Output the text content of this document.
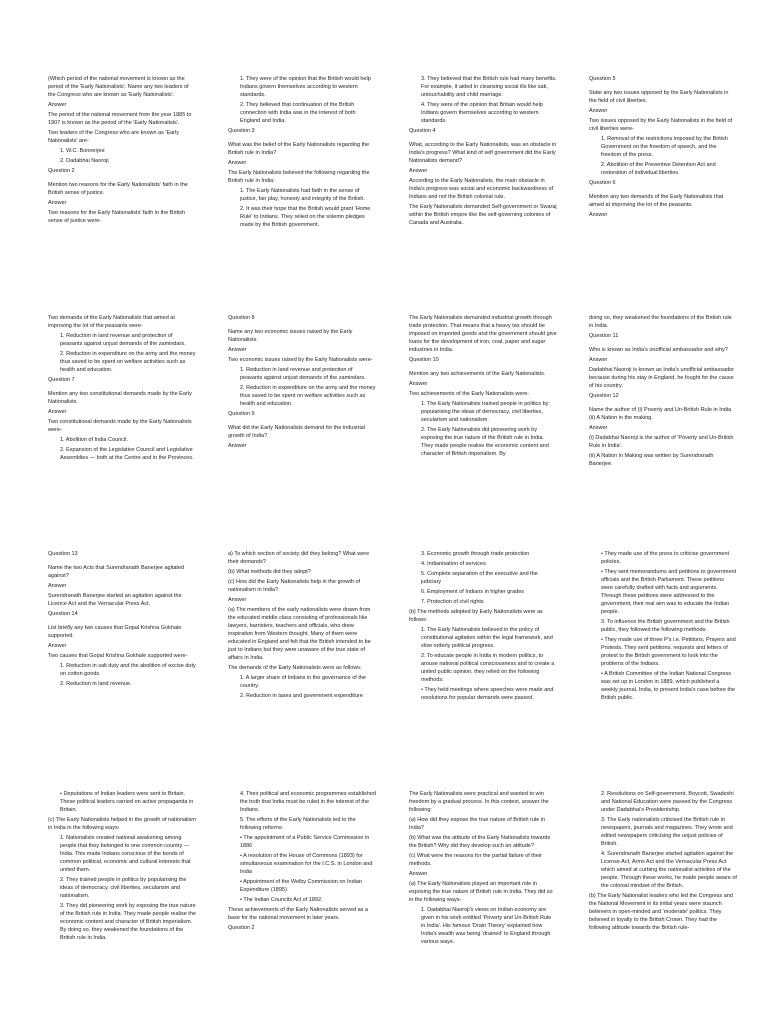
(Which period of the national movement is known as the period of the 'Early Nationalists'. Name any two leaders of the Congress who are known as 'Early Nationalists'.
Answer
The period of the national movement from the year 1885 to 1907 is known as the period of the 'Early Nationalists'.
Two leaders of the Congress who are known as 'Early Nationalists' are-
1. W.C. Bonnerjee
2. Dadabhai Naoroji
Question 2
Mention two reasons for the Early Nationalists' faith in the British sense of justice.
Answer
Two reasons for the Early Nationalists' faith in the British sense of justice were-
1. They were of the opinion that the British would help Indians govern themselves according to western standards.
2. They believed that continuation of the British connection with India was in the interest of both England and India.
Question 3
What was the belief of the Early Nationalists regarding the British rule in India?
Answer
The Early Nationalists believed the following regarding the British rule in India:
1. The Early Nationalists had faith in the sense of justice, fair play, honesty and integrity of the British.
2. It was their hope that the British would grant 'Home Rule' to Indians. They relied on the solemn pledges made by the British government.
3. They believed that the British rule had many benefits. For example, it aided in cleansing social ills like sati, untouchability and child marriage.
4. They were of the opinion that Britain would help Indians govern themselves according to western standards.
Question 4
What, according to the Early Nationalists, was an obstacle in India's progress? What kind of self government did the Early Nationalists demand?
Answer
According to the Early Nationalists, the main obstacle in India's progress was social and economic backwardness of Indians and not the British colonial rule.
The Early Nationalists demanded Self-government or Swaraj within the British empire like the self-governing colonies of Canada and Australia.
Question 5
State any two issues opposed by the Early Nationalists in the field of civil liberties.
Answer
Two issues opposed by the Early Nationalists in the field of civil liberties were-
1. Removal of the restrictions imposed by the British Government on the freedom of speech, and the freedom of the press.
2. Abolition of the Preventive Detention Act and restoration of individual liberties.
Question 6
Mention any two demands of the Early Nationalists that aimed at improving the lot of the peasants.
Answer
Two demands of the Early Nationalists that aimed at improving the lot of the peasants were-
1. Reduction in land revenue and protection of peasants against unjust demands of the zamindars.
2. Reduction in expenditure on the army and the money thus saved to be spent on welfare activities such as health and education.
Question 7
Mention any two constitutional demands made by the Early Nationalists.
Answer
Two constitutional demands made by the Early Nationalists were-
1. Abolition of India Council.
2. Expansion of the Legislative Council and Legislative Assemblies — both at the Centre and in the Provinces.
Question 8
Name any two economic issues raised by the Early Nationalists.
Answer
Two economic issues raised by the Early Nationalists were-
1. Reduction in land revenue and protection of peasants against unjust demands of the zamindars.
2. Reduction in expenditure on the army and the money thus saved to be spent on welfare activities such as health and education.
Question 9
What did the Early Nationalists demand for the industrial growth of India?
Answer
The Early Nationalists demanded industrial growth through trade protection. That means that a heavy tax should be imposed on imported goods and the government should give loans for the development of iron, coal, paper and sugar industries in India.
Question 10
Mention any two achievements of the Early Nationalists.
Answer
Two achievements of the Early Nationalists were-
1. The Early Nationalists trained people in politics by popularising the ideas of democracy, civil liberties, secularism and nationalism.
2. The Early Nationalists did pioneering work by exposing the true nature of the British rule in India. They made people realise the economic content and character of British imperialism. By
doing so, they weakened the foundations of the British rule in India.
Question 11
Who is known as India's unofficial ambassador and why?
Answer
Dadabhai Naoroji is known as India's unofficial ambassador because during his stay in England, he fought for the cause of his country.
Question 12
Name the author of (i) Poverty and Un-British Rule in India (ii) A Nation in the making.
Answer
(i) Dadabhai Naoroji is the author of 'Poverty and Un-British Rule in India'.
(ii) A Nation in Making was written by Surendranath Banerjee.
Question 13
Name the two Acts that Surendranath Banerjee agitated against?
Answer
Surendranath Banerjee started an agitation against the Licence Act and the Vernacular Press Act.
Question 14
List briefly any two causes that Gopal Krishna Gokhale supported.
Answer
Two causes that Gopal Krishna Gokhale supported were-
1. Reduction in salt duty and the abolition of excise duty on cotton goods.
2. Reduction in land revenue.
a) To which section of society did they belong? What were their demands?
(b) What methods did they adopt?
(c) How did the Early Nationalists help in the growth of nationalism in India?
Answer
(a) The members of the early nationalists were drawn from the educated middle class consisting of professionals like lawyers, barristers, teachers and officials, who drew inspiration from Western thought. Many of them were educated in England and felt that the British intended to be just to Indians but they were unaware of the true state of affairs in India.
The demands of the Early Nationalists were as follows:
1. A larger share of Indians in the governance of the country.
2. Reduction in taxes and government expenditure
3. Economic growth through trade protection
4. Indianisation of services
5. Complete separation of the executive and the judiciary
6. Employment of Indians in higher grades
7. Protection of civil rights
(b) The methods adopted by Early Nationalists were as follows:
1. The Early Nationalists believed in the policy of constitutional agitation within the legal framework, and slow orderly political progress.
2. To educate people in India in modern politics, to arouse national political consciousness and to create a united public opinion, they relied on the following methods:
• They held meetings where speeches were made and resolutions for popular demands were passed.
• They made use of the press to criticise government policies.
• They sent memorandums and petitions to government officials and the British Parliament. These petitions were carefully drafted with facts and arguments. Through these petitions were addressed to the government, their real aim was to educate the Indian people.
3. To influence the British government and the British public, they followed the following methods:
• They made use of three P's i.e. Petitions, Prayers and Protests. They sent petitions, requests and letters of protest to the British government to look into the problems of the Indians.
• A British Committee of the Indian National Congress was set up in London in 1889, which published a weekly journal, India, to present India's case before the British public.
• Deputations of Indian leaders were sent to Britain. These political leaders carried on active propaganda in Britain.
(c) The Early Nationalists helped in the growth of nationalism in India in the following ways-
1. Nationalists created national awakening among people that they belonged to one common country — India. This made Indians conscious of the bonds of common political, economic and cultural interests that united them.
2. They trained people in politics by popularising the ideas of democracy, civil liberties, secularism and nationalism.
3. They did pioneering work by exposing the true nature of the British rule in India. They made people realise the economic content and character of British imperialism. By doing so, they weakened the foundations of the British rule in India.
4. Their political and economic programmes established the truth that India must be ruled in the interest of the Indians.
5. The efforts of the Early Nationalists led to the following reforms:
• The appointment of a Public Service Commission in 1886
• A resolution of the House of Commons (1893) for simultaneous examination for the I.C.S. in London and India
• Appointment of the Welby Commission on Indian Expenditure (1895)
• The Indian Councils Act of 1892.
These achievements of the Early Nationalists served as a base for the national movement in later years.
Question 2
The Early Nationalists were practical and wanted to win freedom by a gradual process. In this context, answer the following:
(a) How did they expose the true nature of British rule in India?
(b) What was the attitude of the Early Nationalists towards the British? Why did they develop such an attitude?
(c) What were the reasons for the partial failure of their methods.
Answer
(a) The Early Nationalists played an important role in exposing the true nature of British rule in India. They did so in the following ways-
1. Dadabhai Naoroji's views on Indian economy are given in his work entitled 'Poverty and Un-British Rule in India'. His famous 'Drain Theory' explained how India's wealth was being 'drained' to England through various ways.
2. Resolutions on Self-government, Boycott, Swadeshi and National Education were passed by the Congress under Dadabhai's Presidentship.
3. The Early nationalists criticised the British rule in newspapers, journals and magazines. They wrote and edited newspapers criticising the unjust policies of British.
4. Surendranath Banerjee started agitation against the License Act, Arms Act and the Vernacular Press Act which aimed at curbing the nationalist activities of the people. Through these works, he made people aware of the colonial mindset of the British.
(b) The Early Nationalist leaders who led the Congress and the National Movement in its initial years were staunch believers in open-minded and 'moderate' politics. They believed in loyalty to the British Crown. They had the following attitude towards the British rule-
